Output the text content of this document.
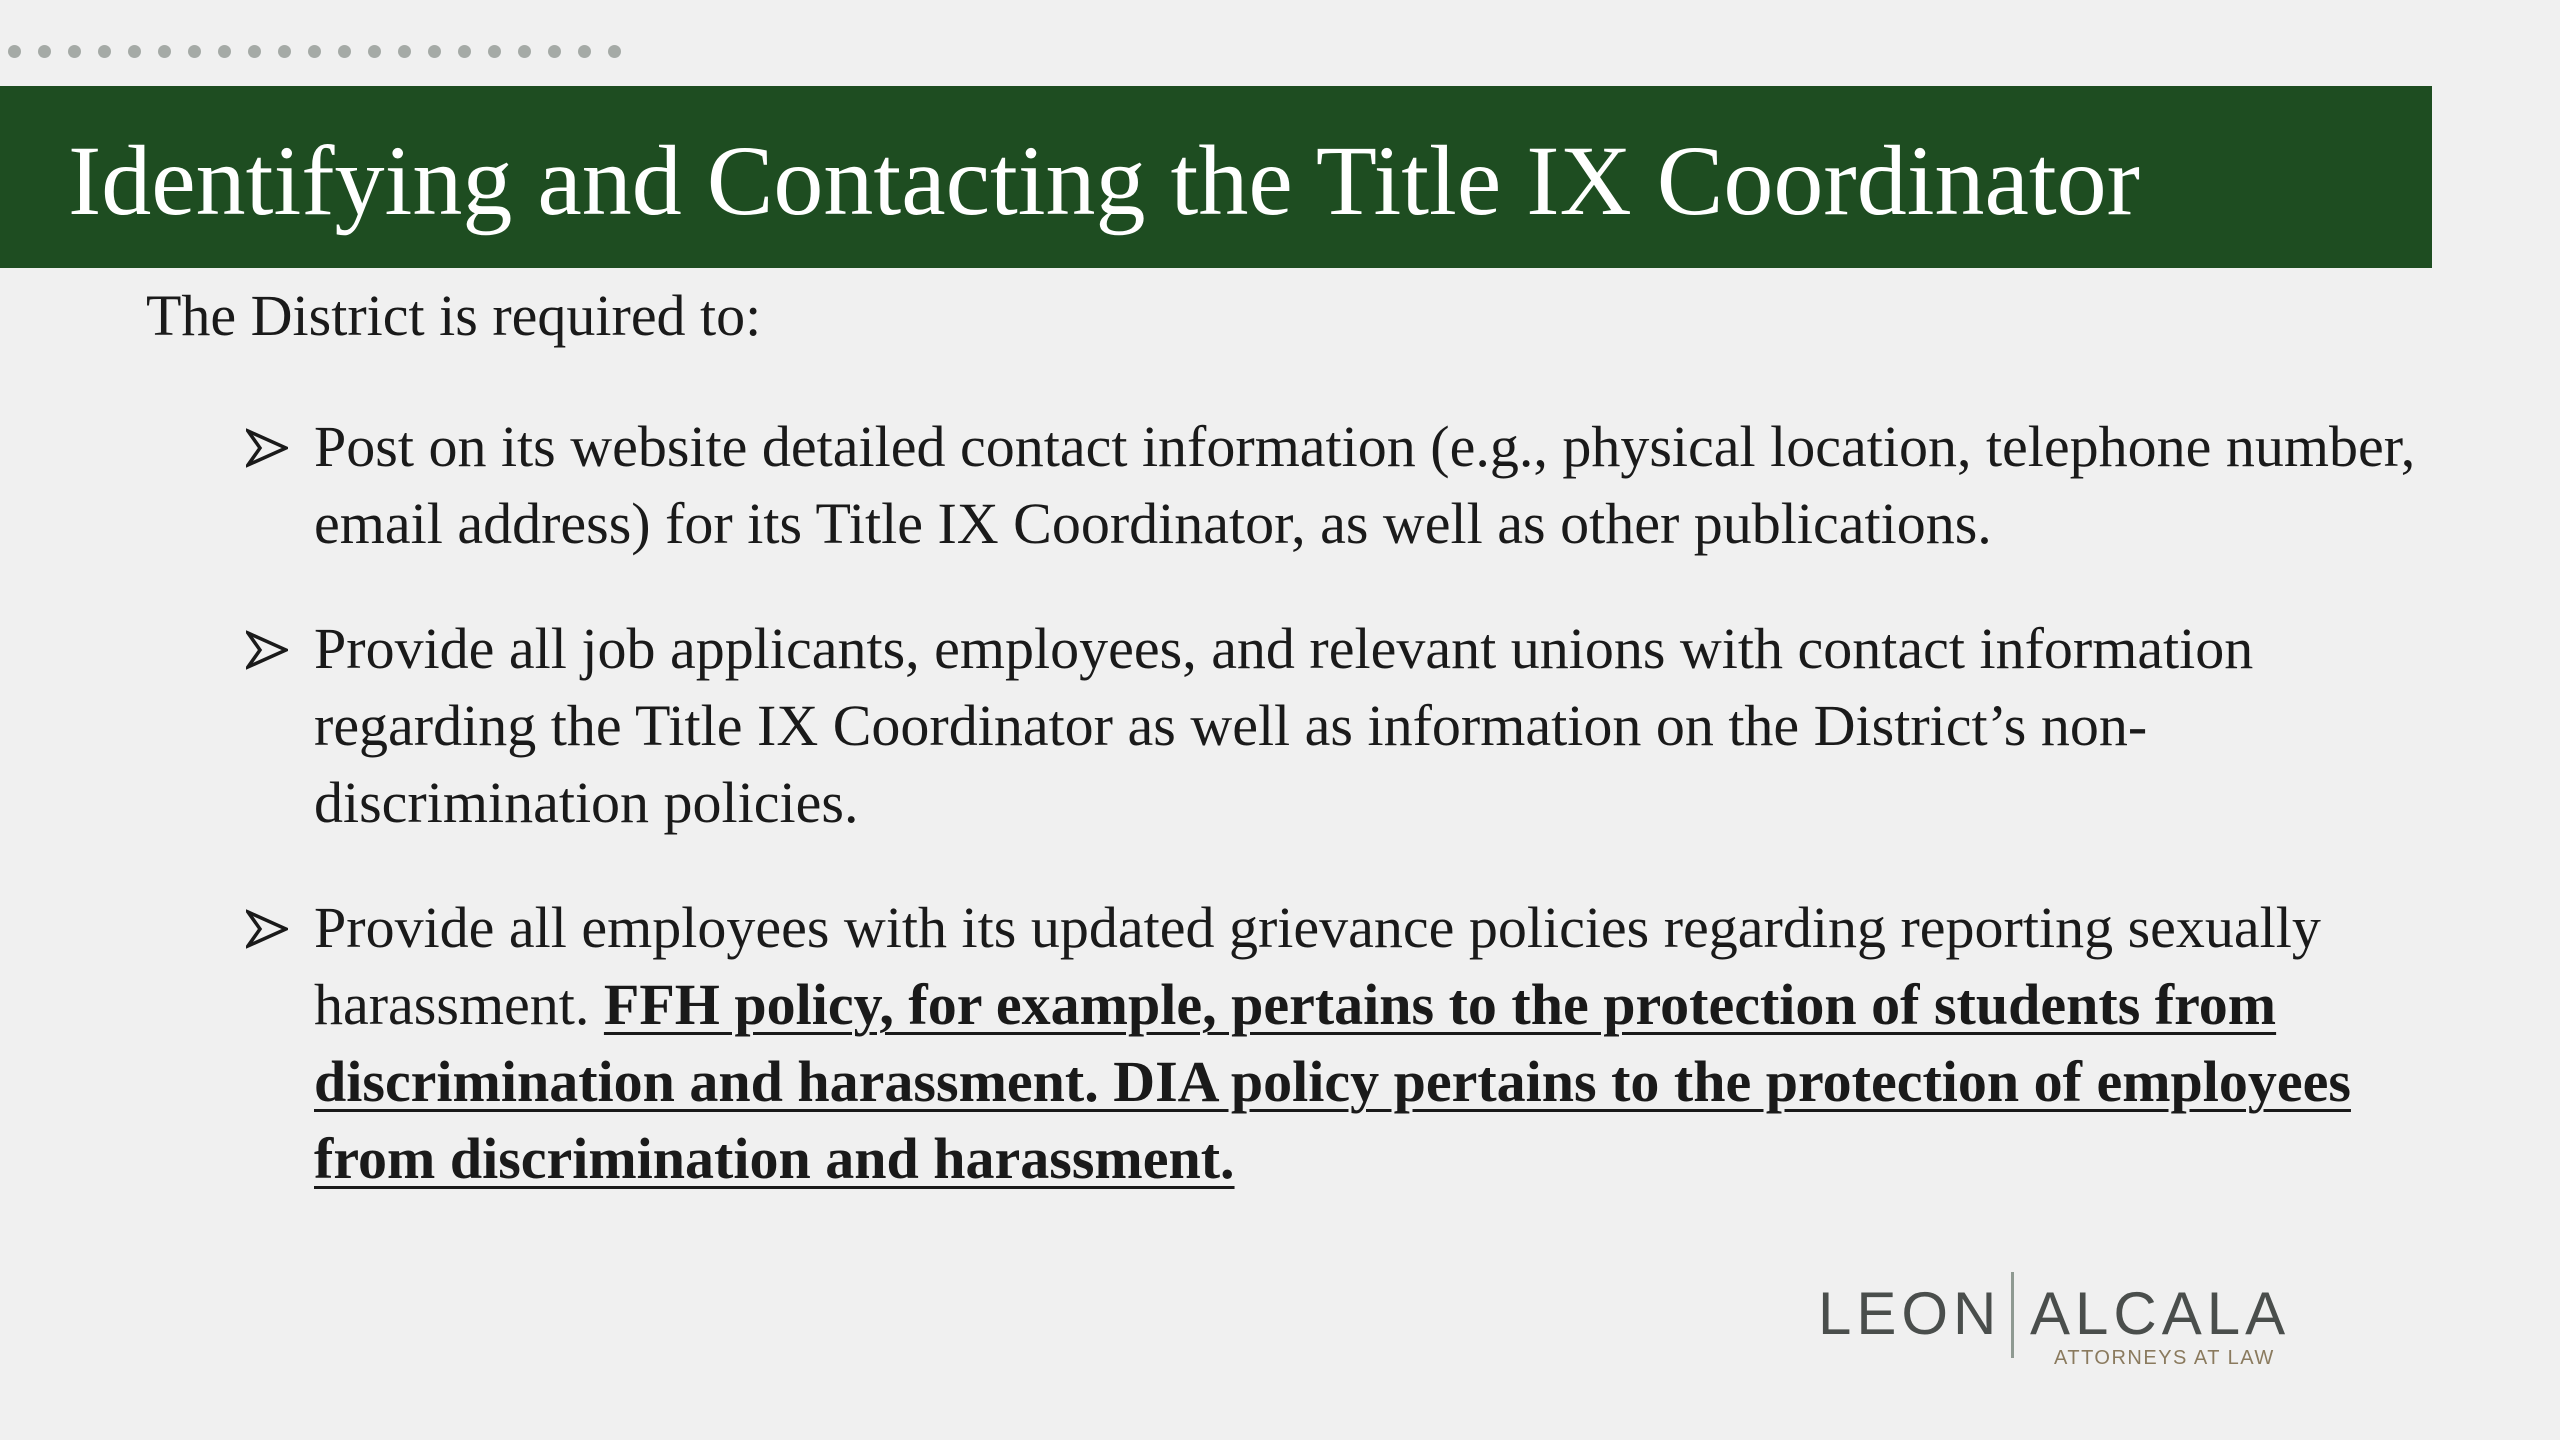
Identifying and Contacting the Title IX Coordinator
The District is required to:
Post on its website detailed contact information (e.g., physical location, telephone number, email address) for its Title IX Coordinator, as well as other publications.
Provide all job applicants, employees, and relevant unions with contact information regarding the Title IX Coordinator as well as information on the District’s non-discrimination policies.
Provide all employees with its updated grievance policies regarding reporting sexually harassment. FFH policy, for example, pertains to the protection of students from discrimination and harassment. DIA policy pertains to the protection of employees from discrimination and harassment.
LEON ALCALA
ATTORNEYS AT LAW
